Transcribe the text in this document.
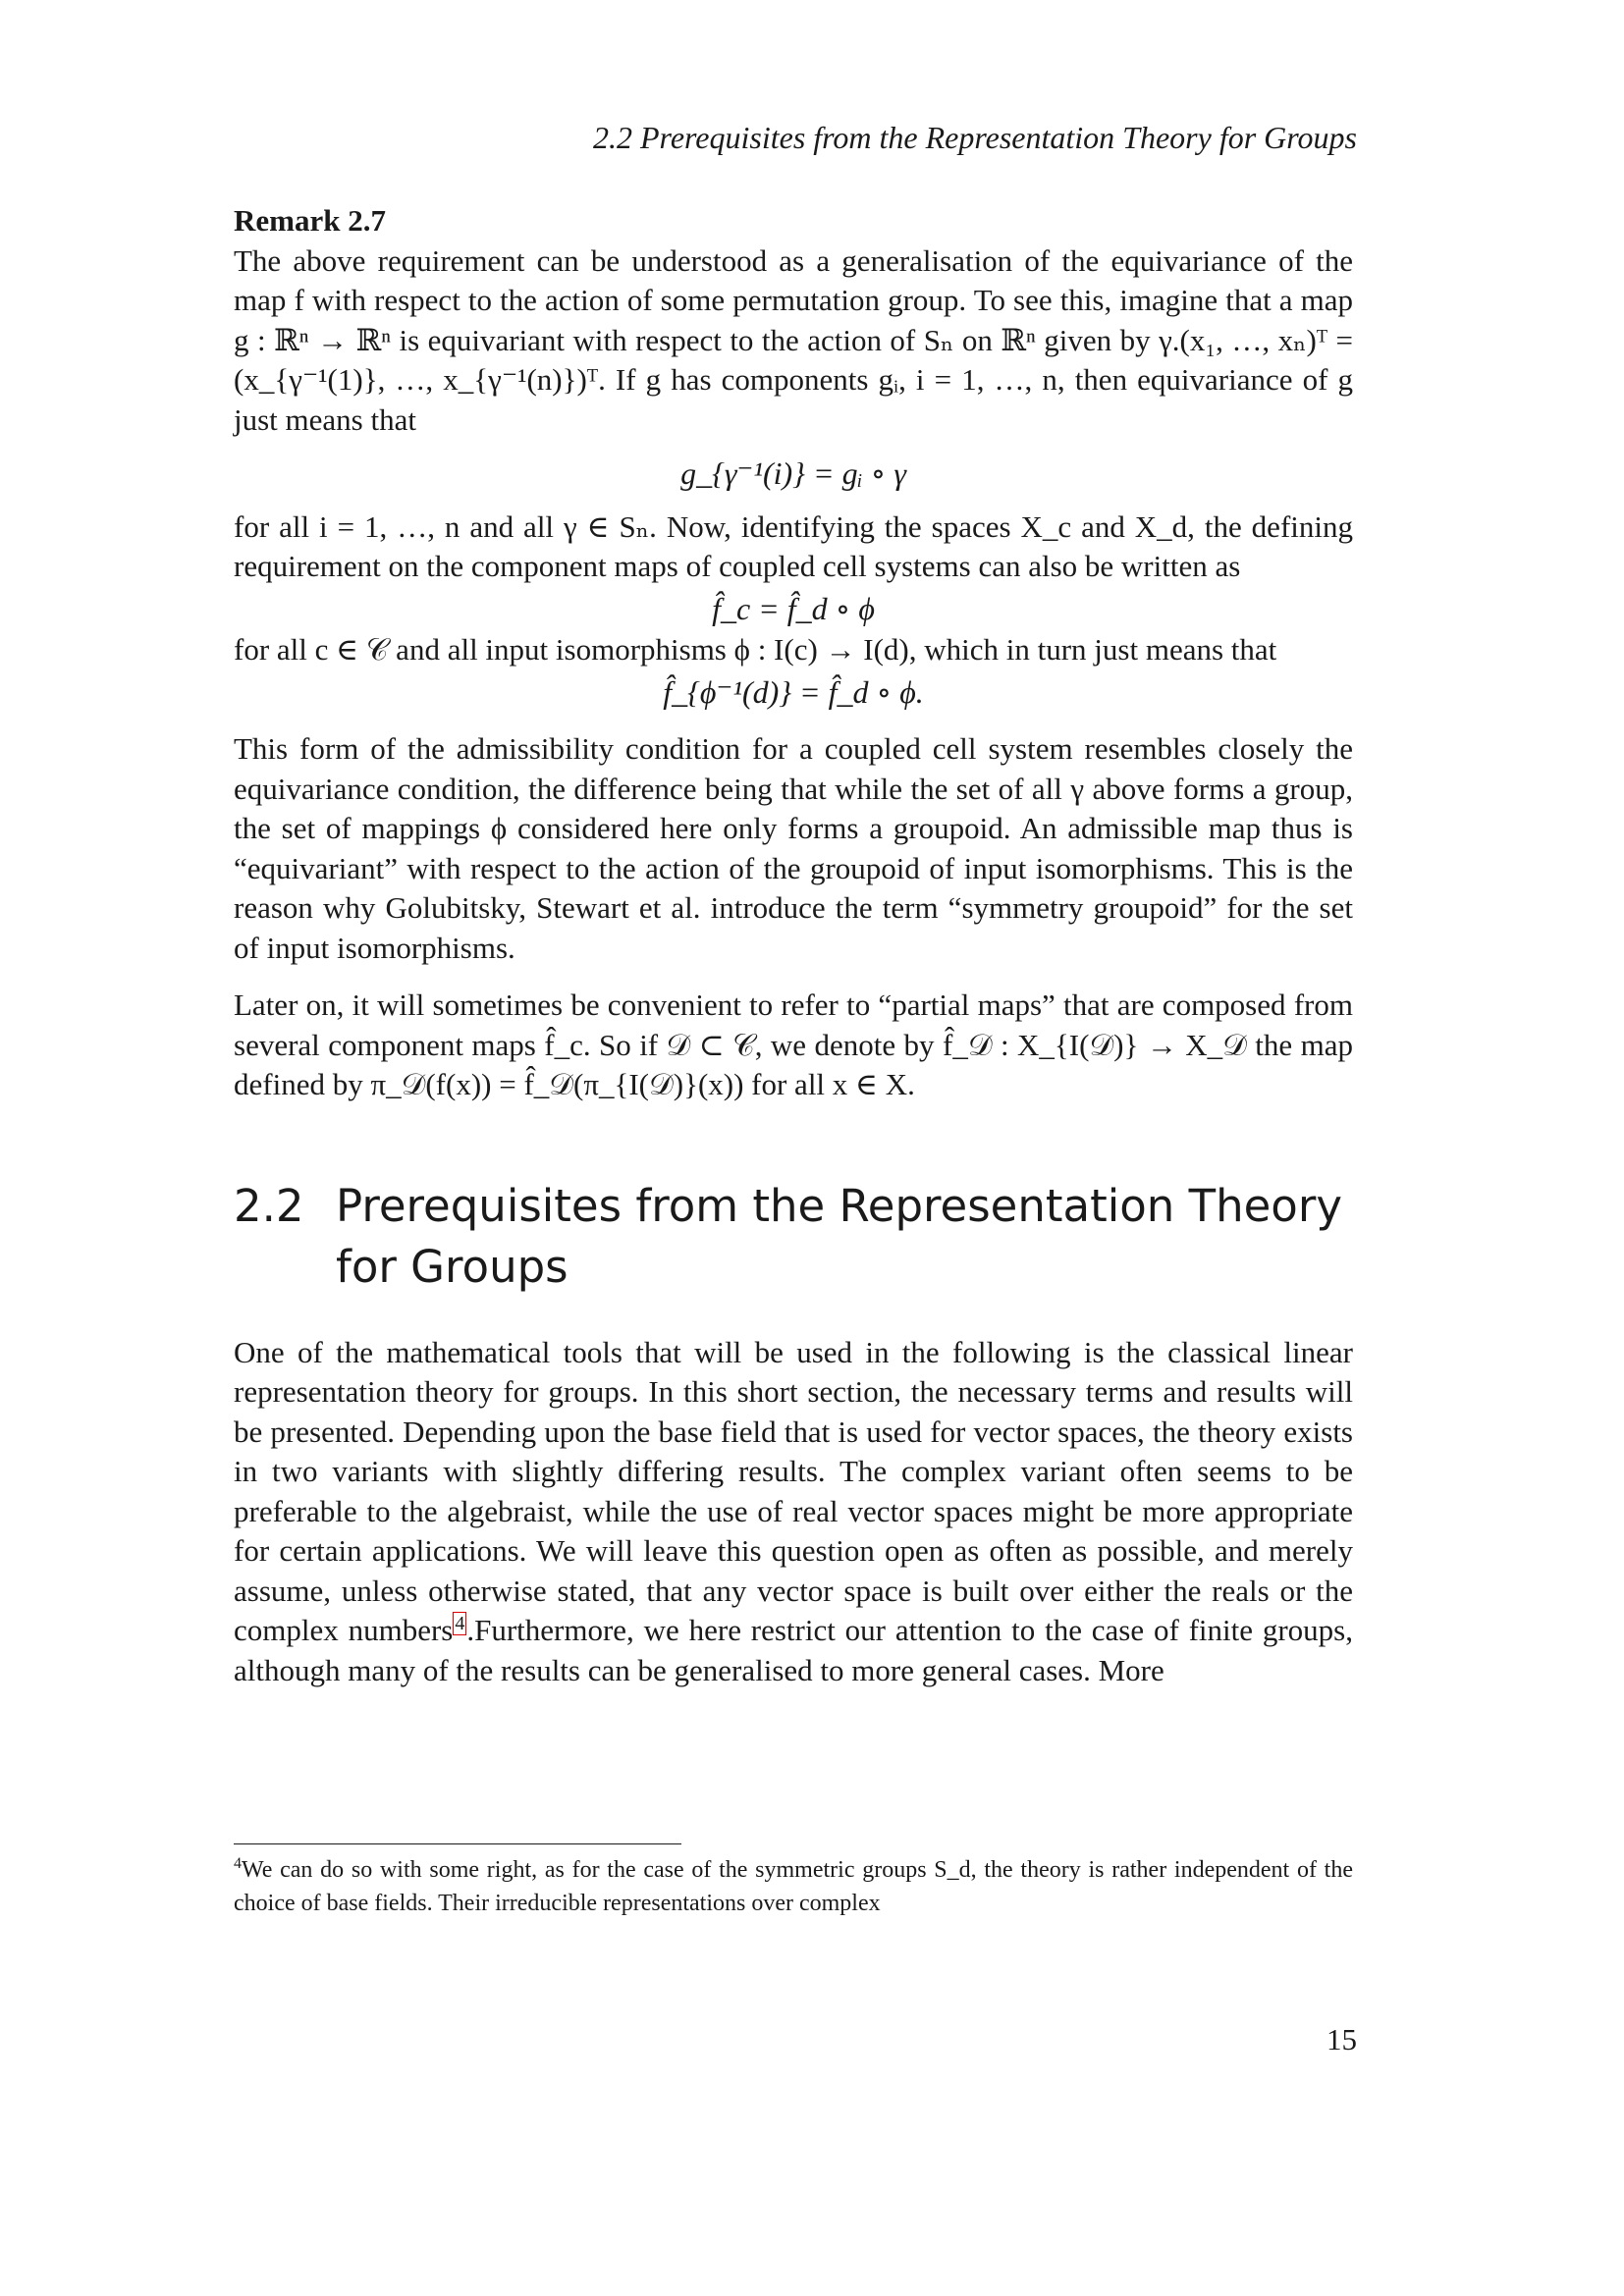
2.2 Prerequisites from the Representation Theory for Groups
Remark 2.7

The above requirement can be understood as a generalisation of the equivariance of the map f with respect to the action of some permutation group. To see this, imagine that a map g : ℝⁿ → ℝⁿ is equivariant with respect to the action of Sₙ on ℝⁿ given by γ.(x₁, …, xₙ)ᵀ = (x_{γ⁻¹(1)}, …, x_{γ⁻¹(n)})ᵀ. If g has components gᵢ, i = 1, …, n, then equivariance of g just means that

g_{γ⁻¹(i)} = gᵢ ∘ γ

for all i = 1, …, n and all γ ∈ Sₙ. Now, identifying the spaces X_c and X_d, the defining requirement on the component maps of coupled cell systems can also be written as

f̂_c = f̂_d ∘ ϕ

for all c ∈ 𝒞 and all input isomorphisms ϕ : I(c) → I(d), which in turn just means that

f̂_{ϕ⁻¹(d)} = f̂_d ∘ ϕ.

This form of the admissibility condition for a coupled cell system resembles closely the equivariance condition, the difference being that while the set of all γ above forms a group, the set of mappings ϕ considered here only forms a groupoid. An admissible map thus is “equivariant” with respect to the action of the groupoid of input isomorphisms. This is the reason why Golubitsky, Stewart et al. introduce the term “symmetry groupoid” for the set of input isomorphisms.

Later on, it will sometimes be convenient to refer to “partial maps” that are composed from several component maps f̂_c. So if 𝒟 ⊂ 𝒞, we denote by f̂_𝒟 : X_{I(𝒟)} → X_𝒟 the map defined by π_𝒟(f(x)) = f̂_𝒟(π_{I(𝒟)}(x)) for all x ∈ X.

2.2 Prerequisites from the Representation Theory for Groups

One of the mathematical tools that will be used in the following is the classical linear representation theory for groups. In this short section, the necessary terms and results will be presented. Depending upon the base field that is used for vector spaces, the theory exists in two variants with slightly differing results. The complex variant often seems to be preferable to the algebraist, while the use of real vector spaces might be more appropriate for certain applications. We will leave this question open as often as possible, and merely assume, unless otherwise stated, that any vector space is built over either the reals or the complex numbers $^4$.Furthermore, we here restrict our attention to the case of finite groups, although many of the results can be generalised to more general cases. More

$^4$We can do so with some right, as for the case of the symmetric groups S_d, the theory is rather independent of the choice of base fields. Their irreducible representations over complex
15
